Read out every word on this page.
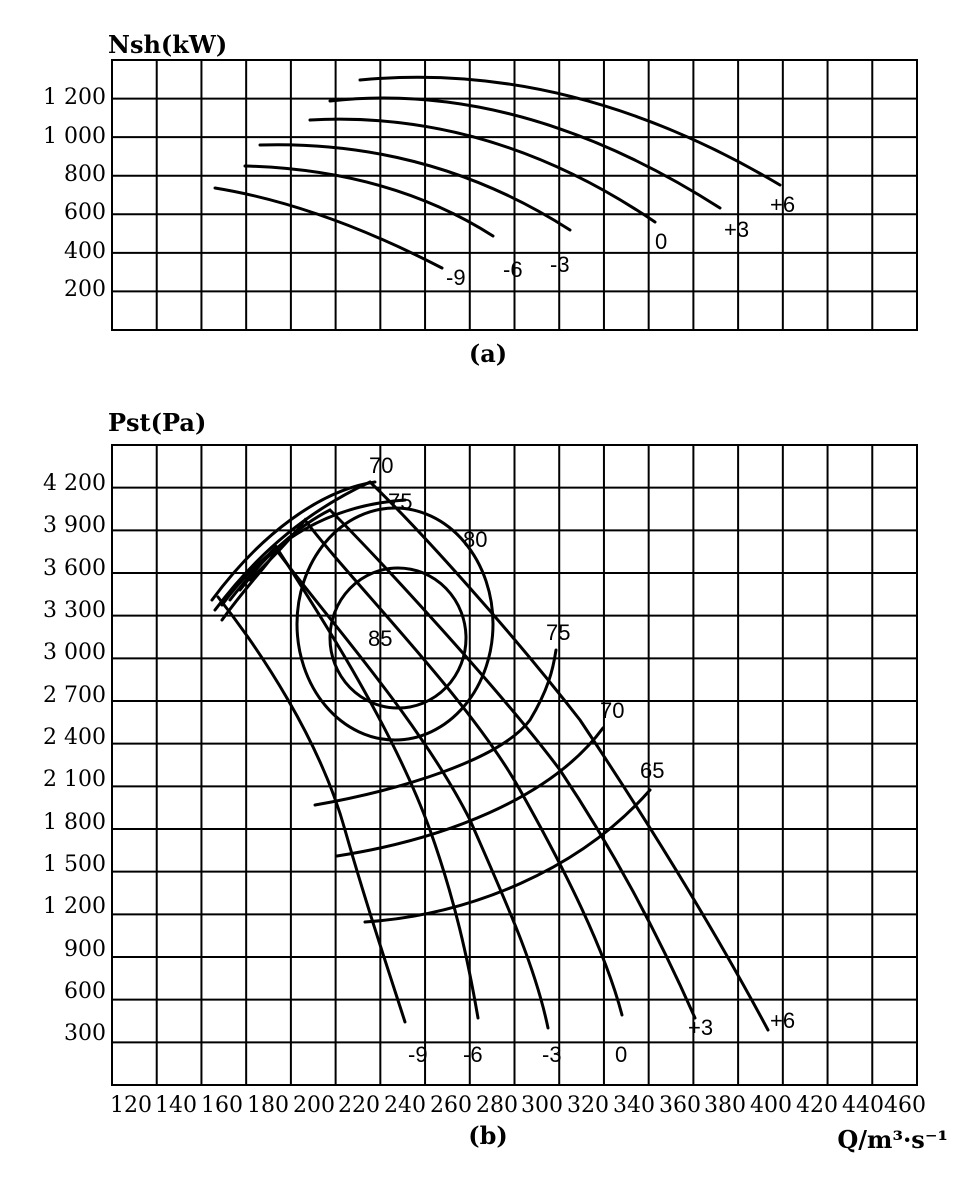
Nsh(kW)
1 200
1 000
800
600
400
200	-9 -6 -3
0	+3
+6
(a)
Pst(Pa)
4 200
3 900
3 600
3 300
3 000
2 700
2 400
2 100
1 800
1 500
1 200
900
600
300
120 140 160 180 200 220 240 260 280 300 320 340 360 380 400 420 440 460
70
75
80
85	75
70
65
-9 -6	-3 0
+3	+6
(b)	Q/m³·s⁻¹
